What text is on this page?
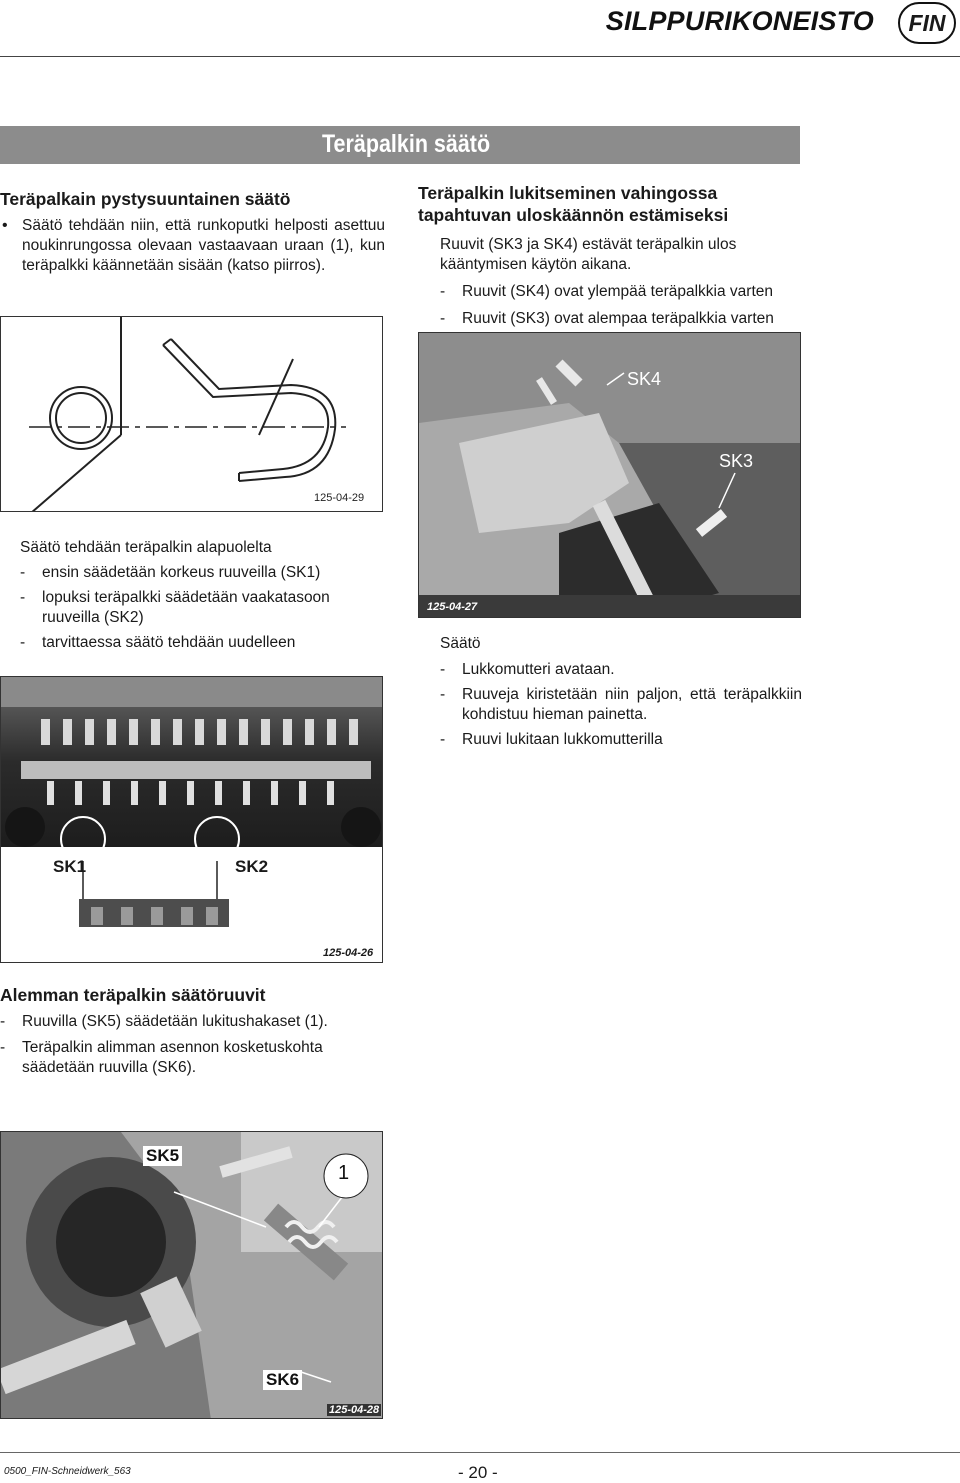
SILPPURIKONEISTO	FIN
Teräpalkin säätö
Teräpalkain pystysuuntainen säätö
• Säätö tehdään niin, että runkoputki helposti asettuu noukinrungossa olevaan vastaavaan uraan (1), kun teräpalkki käännetään sisään (katso piirros).
125-04-29
Säätö tehdään teräpalkin alapuolelta
- ensin säädetään korkeus ruuveilla (SK1)
- lopuksi teräpalkki säädetään vaakatasoon ruuveilla (SK2)
- tarvittaessa säätö tehdään uudelleen
SK1	SK2
125-04-26
Teräpalkin lukitseminen vahingossa tapahtuvan uloskäännön estämiseksi
Ruuvit (SK3 ja SK4) estävät teräpalkin ulos kääntymisen käytön aikana.
- Ruuvit (SK4) ovat ylempää teräpalkkia varten
- Ruuvit (SK3) ovat alempaa teräpalkkia varten
SK4
SK3
125-04-27
Säätö
- Lukkomutteri avataan.
- Ruuveja kiristetään niin paljon, että teräpalkkiin kohdistuu hieman painetta.
- Ruuvi lukitaan lukkomutterilla
Alemman teräpalkin säätöruuvit
- Ruuvilla (SK5) säädetään lukitushakaset (1).
- Teräpalkin alimman asennon kosketuskohta säädetään ruuvilla (SK6).
SK5
1
SK6
125-04-28
0500_FIN-Schneidwerk_563	- 20 -
